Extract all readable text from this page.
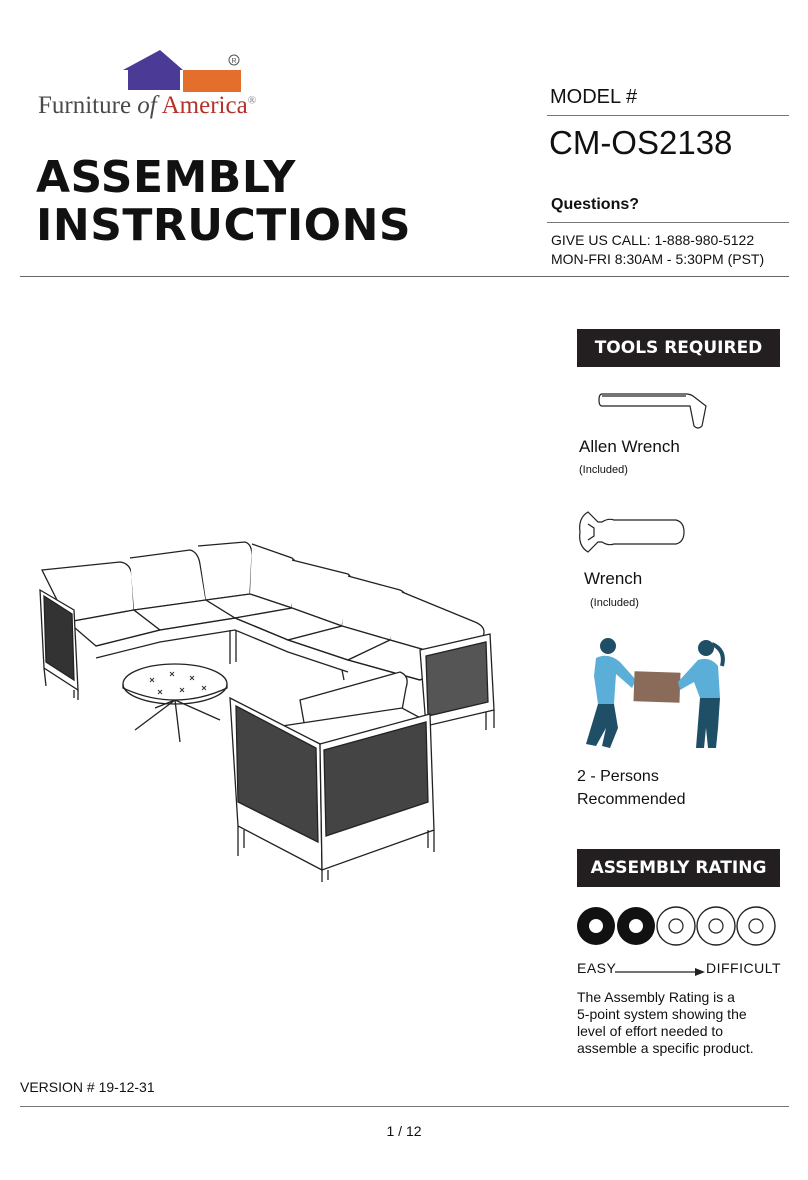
R
Furniture of America®
ASSEMBLY
INSTRUCTIONS
MODEL #
CM-OS2138
Questions?
GIVE US CALL: 1-888-980-5122
MON-FRI 8:30AM - 5:30PM (PST)
TOOLS REQUIRED
Allen Wrench
(Included)
Wrench
(Included)
2 - Persons
Recommended
ASSEMBLY RATING
EASY	DIFFICULT
The Assembly Rating is a
5-point system showing the
level of effort needed to
assemble a specific product.
VERSION # 19-12-31
1 / 12
